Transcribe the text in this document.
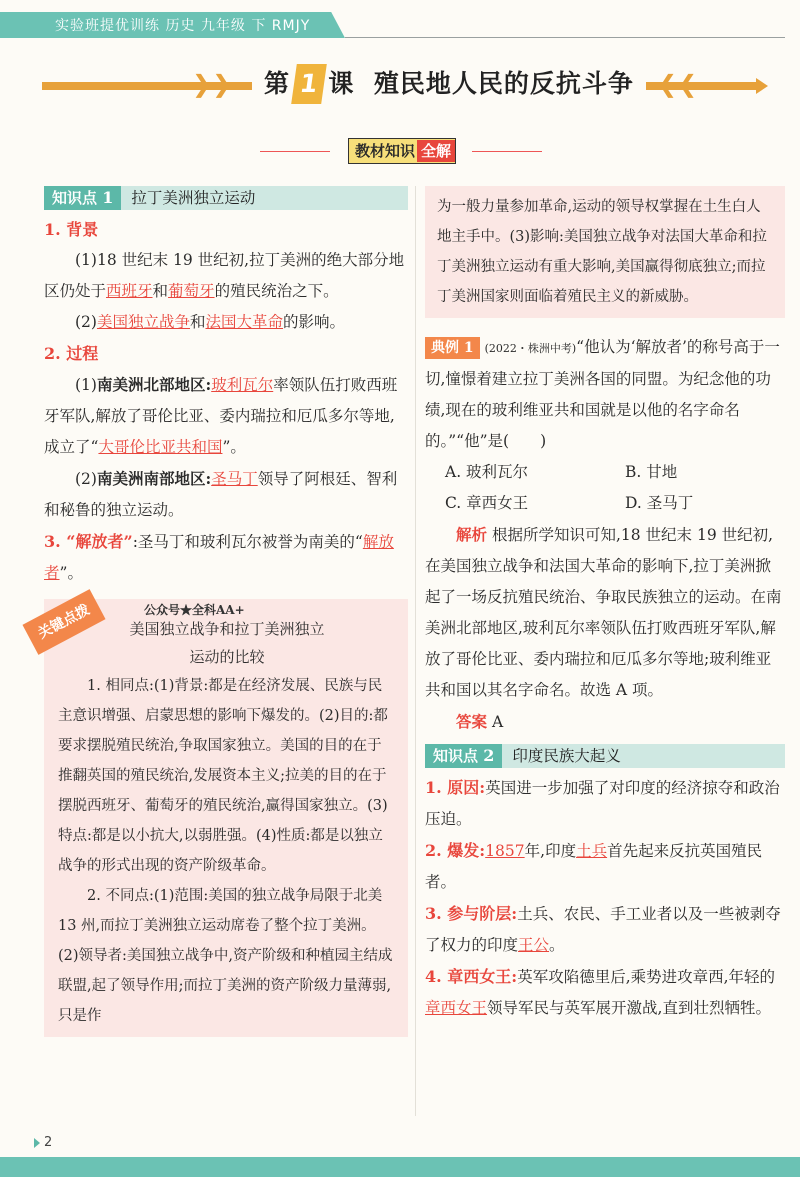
实验班提优训练 历史 九年级 下 RMJY
❯❯	❮❮
第 1 课 殖民地人民的反抗斗争
教材知识 全解
知识点 1	拉丁美洲独立运动
1. 背景

(1)18 世纪末 19 世纪初,拉丁美洲的绝大部分地区仍处于西班牙和葡萄牙的殖民统治之下。

(2)美国独立战争和法国大革命的影响。

2. 过程

(1)南美洲北部地区:玻利瓦尔率领队伍打败西班牙军队,解放了哥伦比亚、委内瑞拉和厄瓜多尔等地,成立了“大哥伦比亚共和国”。

(2)南美洲南部地区:圣马丁领导了阿根廷、智利和秘鲁的独立运动。

3. “解放者”:圣马丁和玻利瓦尔被誉为南美的“解放者”。

关键点拨	公众号★全科AA+
美国独立战争和拉丁美洲独立
运动的比较

1. 相同点:(1)背景:都是在经济发展、民族与民主意识增强、启蒙思想的影响下爆发的。(2)目的:都要求摆脱殖民统治,争取国家独立。美国的目的在于推翻英国的殖民统治,发展资本主义;拉美的目的在于摆脱西班牙、葡萄牙的殖民统治,赢得国家独立。(3)特点:都是以小抗大,以弱胜强。(4)性质:都是以独立战争的形式出现的资产阶级革命。

2. 不同点:(1)范围:美国的独立战争局限于北美 13 州,而拉丁美洲独立运动席卷了整个拉丁美洲。(2)领导者:美国独立战争中,资产阶级和种植园主结成联盟,起了领导作用;而拉丁美洲的资产阶级力量薄弱,只是作

为一般力量参加革命,运动的领导权掌握在土生白人地主手中。(3)影响:美国独立战争对法国大革命和拉丁美洲独立运动有重大影响,美国赢得彻底独立;而拉丁美洲国家则面临着殖民主义的新威胁。

典例 1 (2022・株洲中考)“他认为‘解放者’的称号高于一切,憧憬着建立拉丁美洲各国的同盟。为纪念他的功绩,现在的玻利维亚共和国就是以他的名字命名的。”“他”是(　　)

A. 玻利瓦尔	B. 甘地
C. 章西女王	D. 圣马丁

解析 根据所学知识可知,18 世纪末 19 世纪初,在美国独立战争和法国大革命的影响下,拉丁美洲掀起了一场反抗殖民统治、争取民族独立的运动。在南美洲北部地区,玻利瓦尔率领队伍打败西班牙军队,解放了哥伦比亚、委内瑞拉和厄瓜多尔等地;玻利维亚共和国以其名字命名。故选 A 项。

答案 A

知识点 2	印度民族大起义

1. 原因:英国进一步加强了对印度的经济掠夺和政治压迫。

2. 爆发:1857年,印度土兵首先起来反抗英国殖民者。

3. 参与阶层:土兵、农民、手工业者以及一些被剥夺了权力的印度王公。

4. 章西女王:英军攻陷德里后,乘势进攻章西,年轻的章西女王领导军民与英军展开激战,直到壮烈牺牲。

2
